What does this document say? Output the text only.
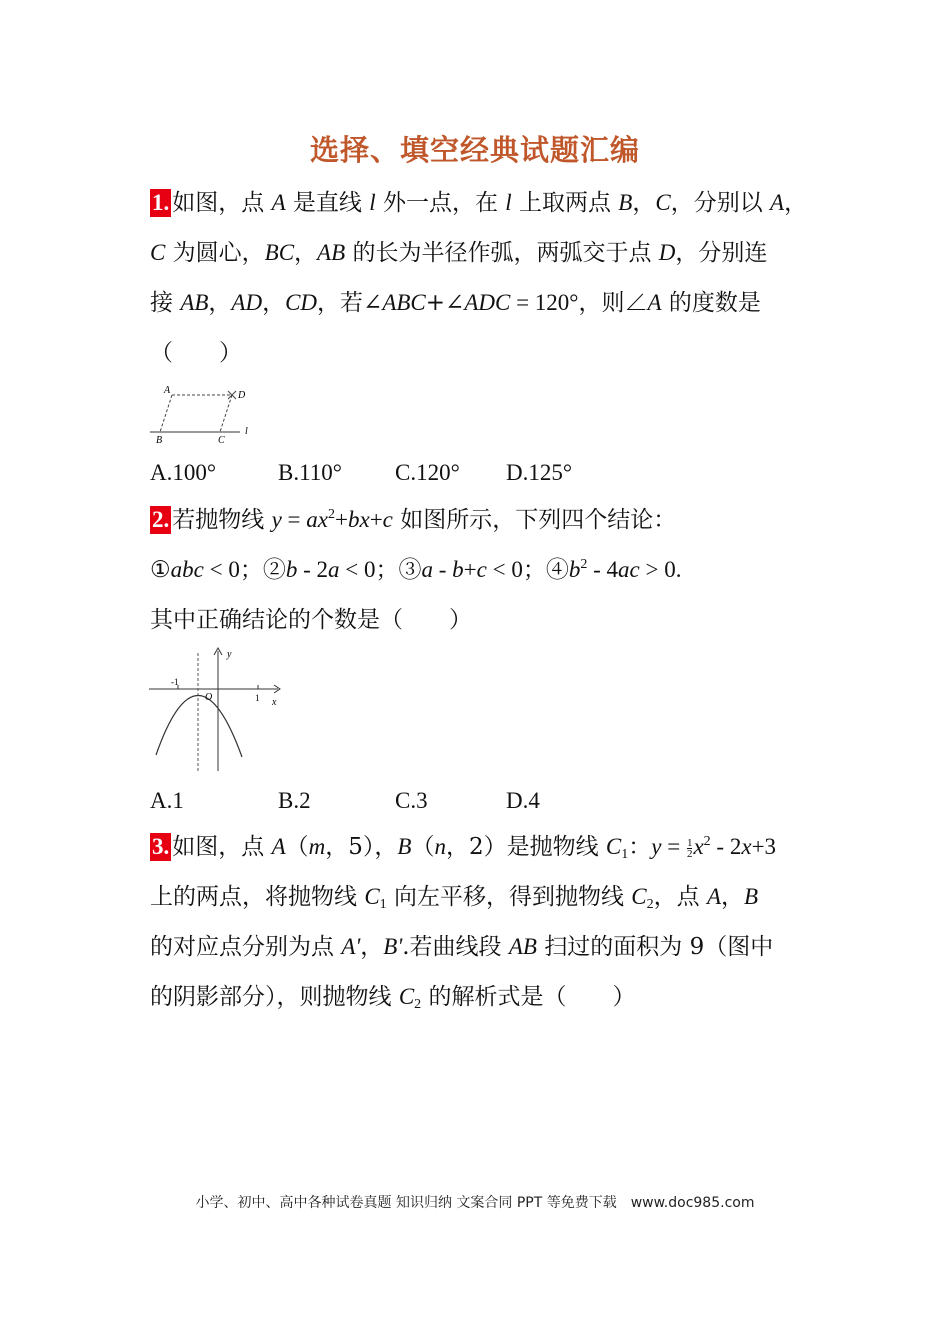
选择、填空经典试题汇编
1. 如图，点 A 是直线 l 外一点，在 l 上取两点 B，C，分别以 A，
C 为圆心，BC，AB 的长为半径作弧，两弧交于点 D，分别连
接 AB，AD，CD，若∠ABC+∠ADC = 120°，则∠A 的度数是
（　　）
A	D
B	C
l
A.100°	B.110° C.120° D.125°
2. 若抛物线 $y = ax^2+bx+c$ 如图所示，下列四个结论：
①abc < 0；②b - 2a < 0；③a - b+c < 0；$④b^2 - 4ac > 0$.
其中正确结论的个数是（　　）
y
x
O
-1
1
A.1	B.2	C.3	D.4
3. 如图，点 A（m，5），B（n，2）是抛物线 $C_1$：$y = \frac{1}{2} x^2 - 2x+3$
上的两点，将抛物线 $C_1$ 向左平移，得到抛物线 $C_2$，点 A，B
的对应点分别为点 A'，B'.若曲线段 AB 扫过的面积为 9（图中
的阴影部分），则抛物线 $C_2$ 的解析式是（　　）
小学、初中、高中各种试卷真题 知识归纳 文案合同 PPT 等免费下载　www.doc985.com
